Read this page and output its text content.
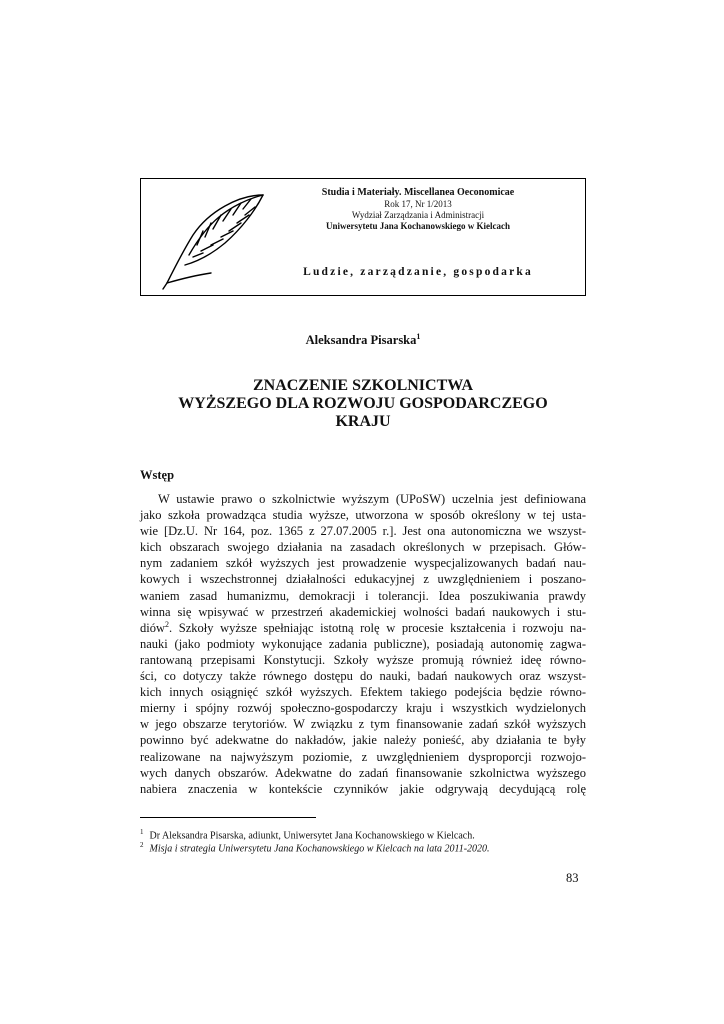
Studia i Materiały. Miscellanea Oeconomicae
Rok 17, Nr 1/2013
Wydział Zarządzania i Administracji
Uniwersytetu Jana Kochanowskiego w Kielcach
Ludzie, zarządzanie, gospodarka
Aleksandra Pisarska$^1$
ZNACZENIE SZKOLNICTWA
WYŻSZEGO DLA ROZWOJU GOSPODARCZEGO
KRAJU
Wstęp
W ustawie prawo o szkolnictwie wyższym (UPoSW) uczelnia jest definiowana
jako szkoła prowadząca studia wyższe, utworzona w sposób określony w tej usta-
wie [Dz.U. Nr 164, poz. 1365 z 27.07.2005 r.]. Jest ona autonomiczna we wszyst-
kich obszarach swojego działania na zasadach określonych w przepisach. Głów-
nym zadaniem szkół wyższych jest prowadzenie wyspecjalizowanych badań nau-
kowych i wszechstronnej działalności edukacyjnej z uwzględnieniem i poszano-
waniem zasad humanizmu, demokracji i tolerancji. Idea poszukiwania prawdy
winna się wpisywać w przestrzeń akademickiej wolności badań naukowych i stu-
diów$^2$. Szkoły wyższe spełniając istotną rolę w procesie kształcenia i rozwoju na-
nauki (jako podmioty wykonujące zadania publiczne), posiadają autonomię zagwa-
rantowaną przepisami Konstytucji. Szkoły wyższe promują również ideę równo-
ści, co dotyczy także równego dostępu do nauki, badań naukowych oraz wszyst-
kich innych osiągnięć szkół wyższych. Efektem takiego podejścia będzie równo-
mierny i spójny rozwój społeczno-gospodarczy kraju i wszystkich wydzielonych
w jego obszarze terytoriów. W związku z tym finansowanie zadań szkół wyższych
powinno być adekwatne do nakładów, jakie należy ponieść, aby działania te były
realizowane na najwyższym poziomie, z uwzględnieniem dysproporcji rozwojo-
wych danych obszarów. Adekwatne do zadań finansowanie szkolnictwa wyższego
nabiera znaczenia w kontekście czynników jakie odgrywają decydującą rolę
$^1$ Dr Aleksandra Pisarska, adiunkt, Uniwersytet Jana Kochanowskiego w Kielcach.
$^2$ Misja i strategia Uniwersytetu Jana Kochanowskiego w Kielcach na lata 2011-2020.
83
